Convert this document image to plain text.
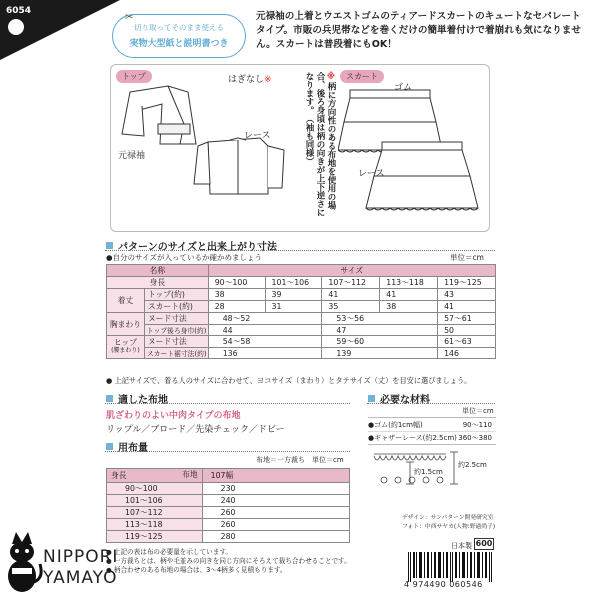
6054
切り取ってそのまま使える
実物大型紙と説明書つき
✂	元禄袖の上着とウエストゴムのティアードスカートのキュートなセパレートタイプ。市販の兵児帯などを巻くだけの簡単着付けで着崩れも気になりません。スカートは普段着にもOK！
トップ	スカート
はぎなし※
レース
元禄袖
※柄に方向性のある布地を使用の場合、後ろ身頃は柄の向きが上下逆さになります。（袖も同様）
ゴム
レース
パターンのサイズと出来上がり寸法
単位＝cm
●自分のサイズが入っているか確かめましょう
名称		サイズ				
身長		90～100	101～106	107～112	113～118	119～125
着丈	トップ(約)	38	39	41	41	43
	スカート(約)	28	31	35	38	41
胸まわり	ヌード寸法	48～52		53～56		57～61
	トップ後ろ身巾(約)	44		47		50

ヒップ
(腰まわり)	ヌード寸法	54～58		59～60		61～63
	スカート裾寸法(約)	136		139		146
● 上記サイズで、着る人のサイズに合わせて、ヨコサイズ（まわり）とタテサイズ（丈）を目安に選びましょう。
適した布地
肌ざわりのよい中肉タイプの布地
リップル／ブロード／先染チェック／ドビー
用布量
布地＝一方裁ち　単位＝cm
身長 布地	107幅
90～100	230
101～106	240
107～112	260
113～118	260
119～125	280
● 上記の表は布の必要量を示しています。
● 一方裁ちとは、柄や毛並みの向きを同じ方向にそろえて裁ち合わせることです。
● 柄合わせのある布地の場合は、3～4柄多く見積もります。
必要な材料
単位＝cm
●ゴム(約1cm幅)	90～110
●ギャザーレース(約2.5cm) 360～380
約2.5cm
約1.5cm
デザイン：サンパターン開発研究室
フォト：中西サヤカ(人物:野過尚子)
日本製 600
4 974490 060546
NIPPORI
YAMAYO
